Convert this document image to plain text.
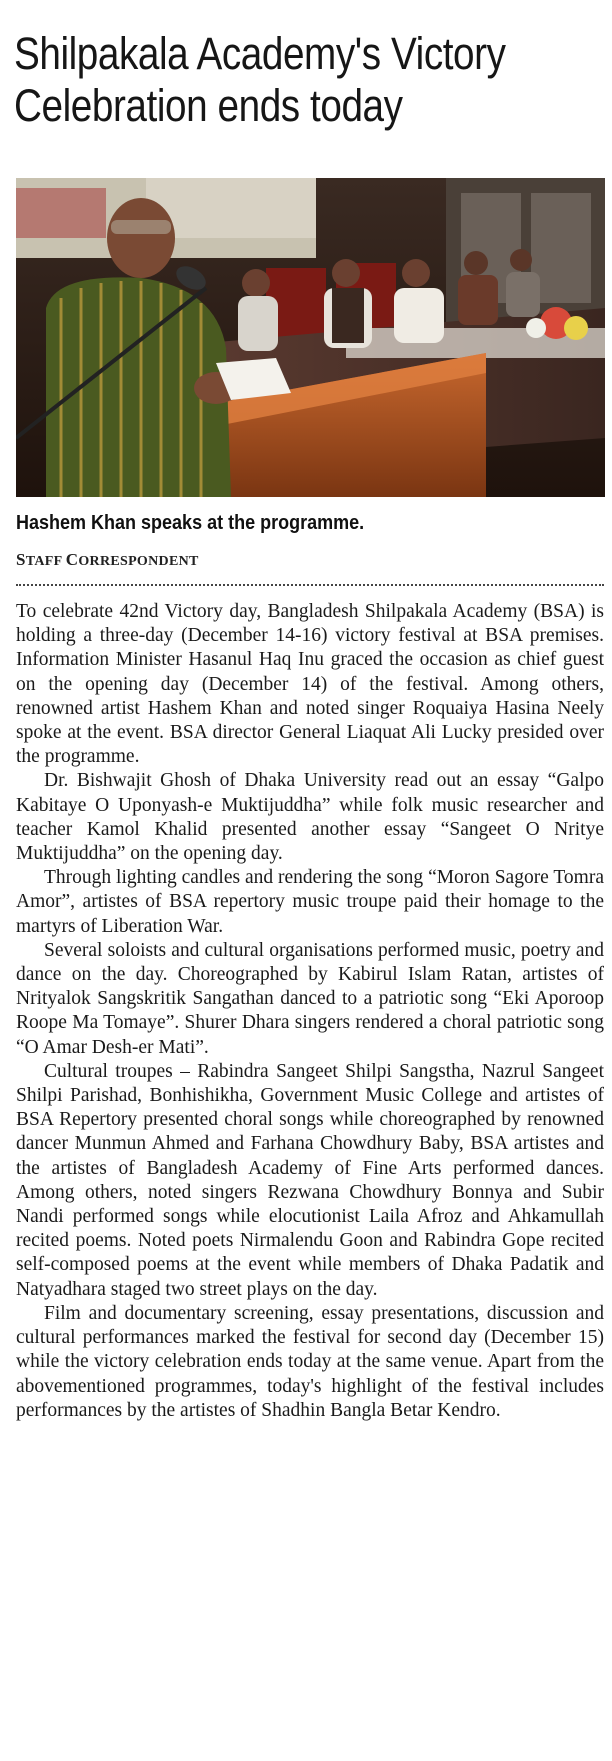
Shilpakala Academy's Victory Celebration ends today
Hashem Khan speaks at the programme.
STAFF CORRESPONDENT

To celebrate 42nd Victory day, Bangladesh Shilpakala Academy (BSA) is holding a three-day (December 14-16) victory festival at BSA premises. Information Minister Hasanul Haq Inu graced the occasion as chief guest on the opening day (December 14) of the festival. Among others, renowned artist Hashem Khan and noted singer Roquaiya Hasina Neely spoke at the event. BSA director General Liaquat Ali Lucky presided over the programme.

Dr. Bishwajit Ghosh of Dhaka University read out an essay “Galpo Kabitaye O Uponyash-e Muktijuddha” while folk music researcher and teacher Kamol Khalid presented another essay “Sangeet O Nritye Muktijuddha” on the opening day.

Through lighting candles and rendering the song “Moron Sagore Tomra Amor”, artistes of BSA repertory music troupe paid their homage to the martyrs of Liberation War.

Several soloists and cultural organisations performed music, poetry and dance on the day. Choreographed by Kabirul Islam Ratan, artistes of Nrityalok Sangskritik Sangathan danced to a patriotic song “Eki Aporoop Roope Ma Tomaye”. Shurer Dhara singers rendered a choral patriotic song “O Amar Desh-er Mati”.

Cultural troupes – Rabindra Sangeet Shilpi Sangstha, Nazrul Sangeet Shilpi Parishad, Bonhishikha, Government Music College and artistes of BSA Repertory presented choral songs while choreographed by renowned dancer Munmun Ahmed and Farhana Chowdhury Baby, BSA artistes and the artistes of Bangladesh Academy of Fine Arts performed dances. Among others, noted singers Rezwana Chowdhury Bonnya and Subir Nandi performed songs while elocutionist Laila Afroz and Ahkamullah recited poems. Noted poets Nirmalendu Goon and Rabindra Gope recited self-composed poems at the event while members of Dhaka Padatik and Natyadhara staged two street plays on the day.

Film and documentary screening, essay presentations, discussion and cultural performances marked the festival for second day (December 15) while the victory celebration ends today at the same venue. Apart from the abovementioned programmes, today's highlight of the festival includes performances by the artistes of Shadhin Bangla Betar Kendro.
